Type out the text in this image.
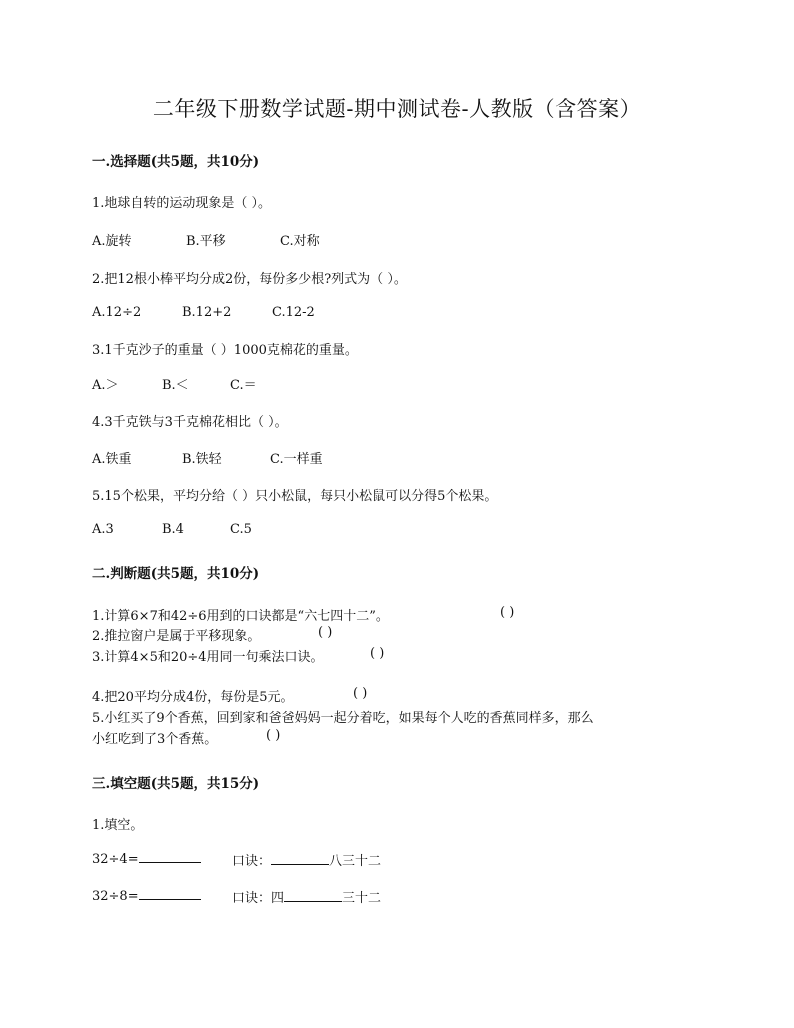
二年级下册数学试题-期中测试卷-人教版（含答案）
一.选择题(共5题，共10分)
1.地球自转的运动现象是（ ）。
A.旋转	B.平移	C.对称
2.把12根小棒平均分成2份，每份多少根?列式为（ ）。
A.12÷2	B.12+2	C.12-2
3.1千克沙子的重量（ ）1000克棉花的重量。
A.＞	B.＜	C.＝
4.3千克铁与3千克棉花相比（ ）。
A.铁重	B.铁轻	C.一样重
5.15个松果，平均分给（ ）只小松鼠，每只小松鼠可以分得5个松果。
A.3	B.4	C.5
二.判断题(共5题，共10分)
1.计算6×7和42÷6用到的口诀都是“六七四十二”。	( )
2.推拉窗户是属于平移现象。	( )
3.计算4×5和20÷4用同一句乘法口诀。	( )
4.把20平均分成4份，每份是5元。	( )
5.小红买了9个香蕉，回到家和爸爸妈妈一起分着吃，如果每个人吃的香蕉同样多，那么
小红吃到了3个香蕉。	( )
三.填空题(共5题，共15分)
1.填空。
32÷4=	口诀：	八三十二
32÷8=	口诀：四	三十二
